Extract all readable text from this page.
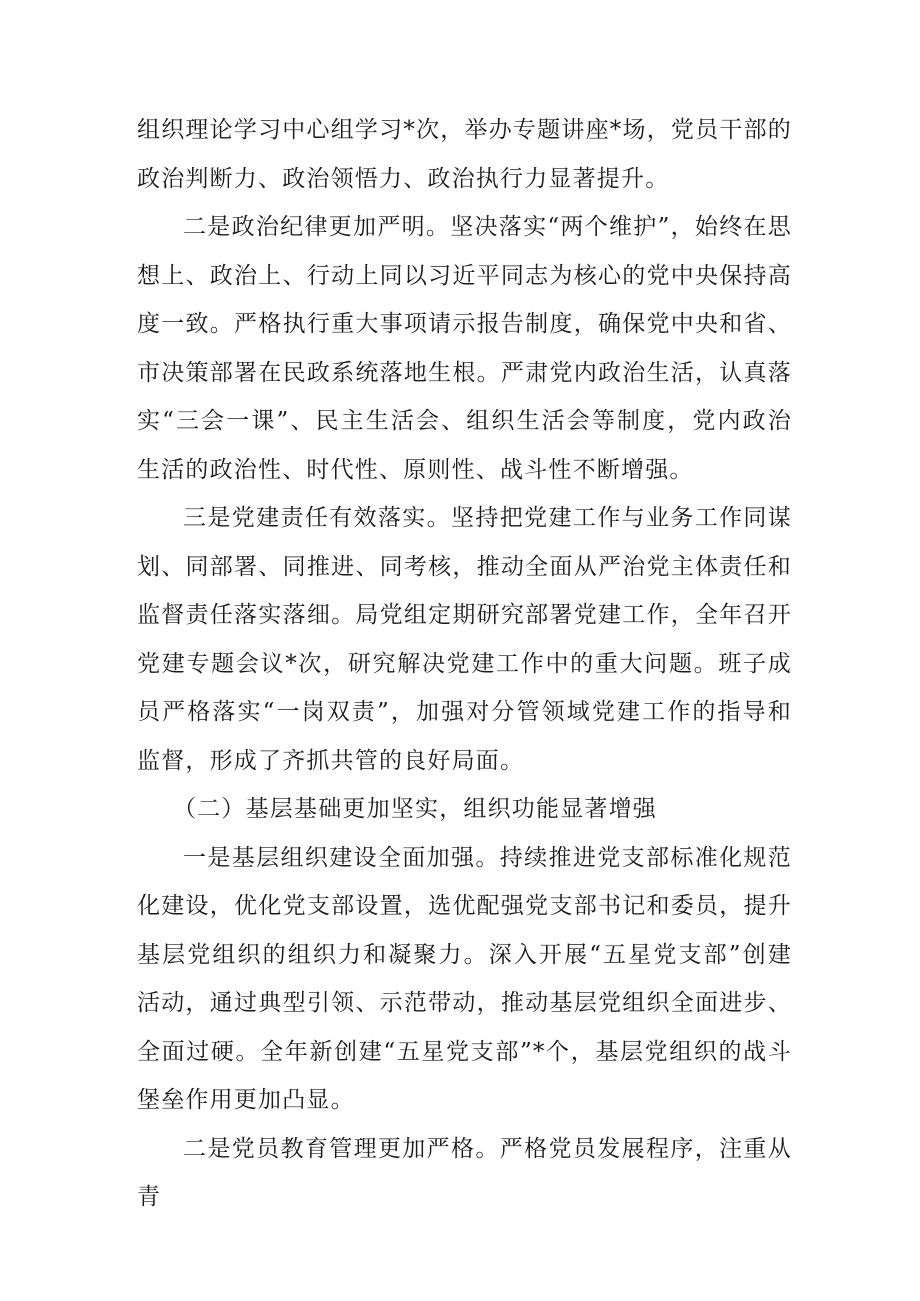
组织理论学习中心组学习*次，举办专题讲座*场，党员干部的政治判断力、政治领悟力、政治执行力显著提升。

二是政治纪律更加严明。坚决落实“两个维护”，始终在思想上、政治上、行动上同以习近平同志为核心的党中央保持高度一致。严格执行重大事项请示报告制度，确保党中央和省、市决策部署在民政系统落地生根。严肃党内政治生活，认真落实“三会一课”、民主生活会、组织生活会等制度，党内政治生活的政治性、时代性、原则性、战斗性不断增强。

三是党建责任有效落实。坚持把党建工作与业务工作同谋划、同部署、同推进、同考核，推动全面从严治党主体责任和监督责任落实落细。局党组定期研究部署党建工作，全年召开党建专题会议*次，研究解决党建工作中的重大问题。班子成员严格落实“一岗双责”，加强对分管领域党建工作的指导和监督，形成了齐抓共管的良好局面。

（二）基层基础更加坚实，组织功能显著增强

一是基层组织建设全面加强。持续推进党支部标准化规范化建设，优化党支部设置，选优配强党支部书记和委员，提升基层党组织的组织力和凝聚力。深入开展“五星党支部”创建活动，通过典型引领、示范带动，推动基层党组织全面进步、全面过硬。全年新创建“五星党支部”*个，基层党组织的战斗堡垒作用更加凸显。

二是党员教育管理更加严格。严格党员发展程序，注重从青
